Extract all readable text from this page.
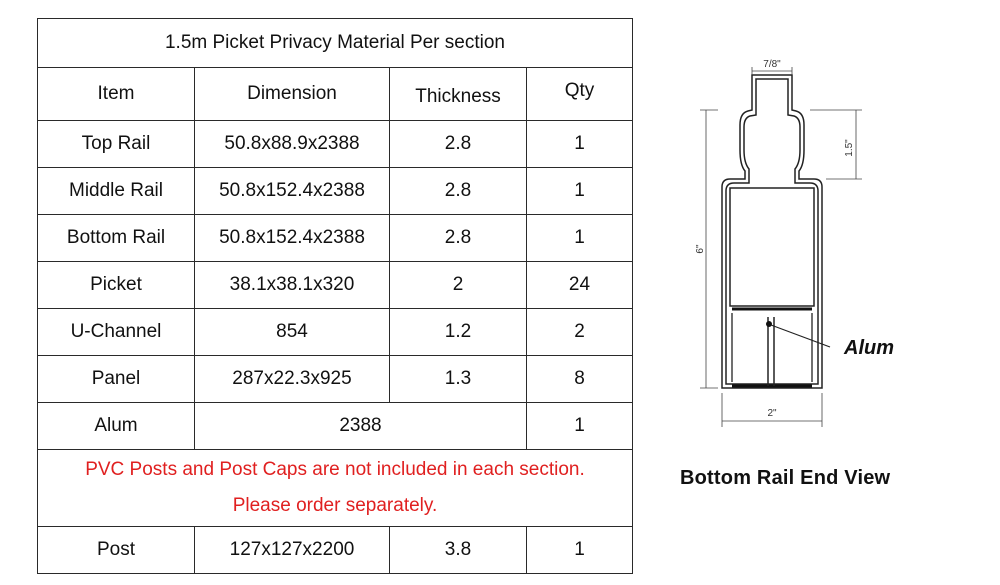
1.5m Picket Privacy Material Per section			
Item	Dimension	Thickness	Qty
Top Rail	50.8x88.9x2388	2.8	1
Middle Rail	50.8x152.4x2388	2.8	1
Bottom Rail	50.8x152.4x2388	2.8	1
Picket	38.1x38.1x320	2	24
U-Channel	854	1.2	2
Panel	287x22.3x925	1.3	8
Alum	2388		1

PVC Posts and Post Caps are not included in each section.
Please order separately.			

Post	127x127x2200	3.8	1
Alum
7/8"
1.5"
6"
2"
Bottom Rail End View
